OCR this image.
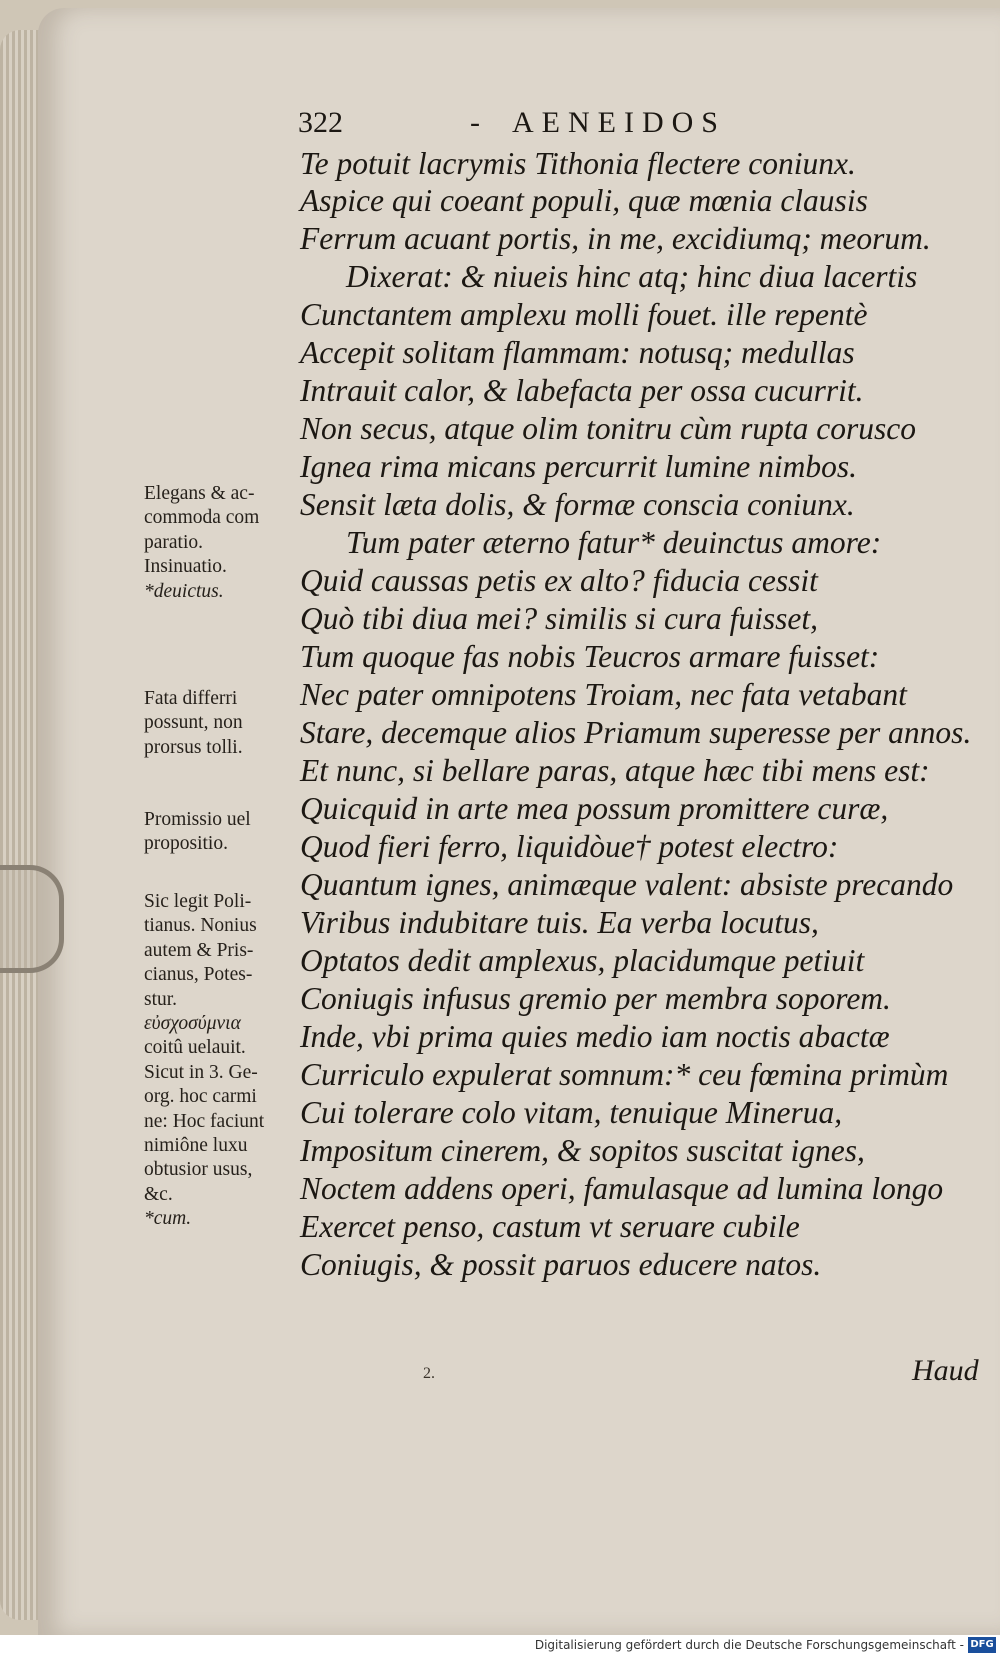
322	- AENEIDOS
Te potuit lacrymis Tithonia flectere coniunx.
Aspice qui coeant populi, quæ mœnia clausis
Ferrum acuant portis, in me, excidiumq; meorum.
Dixerat: & niueis hinc atq; hinc diua lacertis
Cunctantem amplexu molli fouet. ille repentè
Accepit solitam flammam: notusq; medullas
Intrauit calor, & labefacta per ossa cucurrit.
Non secus, atque olim tonitru cùm rupta corusco
Ignea rima micans percurrit lumine nimbos.
Sensit læta dolis, & formæ conscia coniunx.
Tum pater æterno fatur* deuinctus amore:
Quid caussas petis ex alto? fiducia cessit
Quò tibi diua mei? similis si cura fuisset,
Tum quoque fas nobis Teucros armare fuisset:
Nec pater omnipotens Troiam, nec fata vetabant
Stare, decemque alios Priamum superesse per annos.
Et nunc, si bellare paras, atque hæc tibi mens est:
Quicquid in arte mea possum promittere curæ,
Quod fieri ferro, liquidòue† potest electro:
Quantum ignes, animæque valent: absiste precando
Viribus indubitare tuis. Ea verba locutus,
Optatos dedit amplexus, placidumque petiuit
Coniugis infusus gremio per membra soporem.
Inde, vbi prima quies medio iam noctis abactæ
Curriculo expulerat somnum:* ceu fœmina primùm
Cui tolerare colo vitam, tenuique Minerua,
Impositum cinerem, & sopitos suscitat ignes,
Noctem addens operi, famulasque ad lumina longo
Exercet penso, castum vt seruare cubile
Coniugis, & possit paruos educere natos.
Elegans & ac-
commoda com
paratio.
Insinuatio.
*deuictus.
Fata differri
possunt, non
prorsus tolli.
Promissio uel
propositio.
Sic legit Poli-
tianus. Nonius
autem & Pris-
cianus, Potes-
stur.
εὐσχοσύμνια
coitû uelauit.
Sicut in 3. Ge-
org. hoc carmi
ne: Hoc faciunt
nimiône luxu
obtusior usus,
&c.
*cum.
2.	Haud
Digitalisierung gefördert durch die Deutsche Forschungsgemeinschaft - DFG
